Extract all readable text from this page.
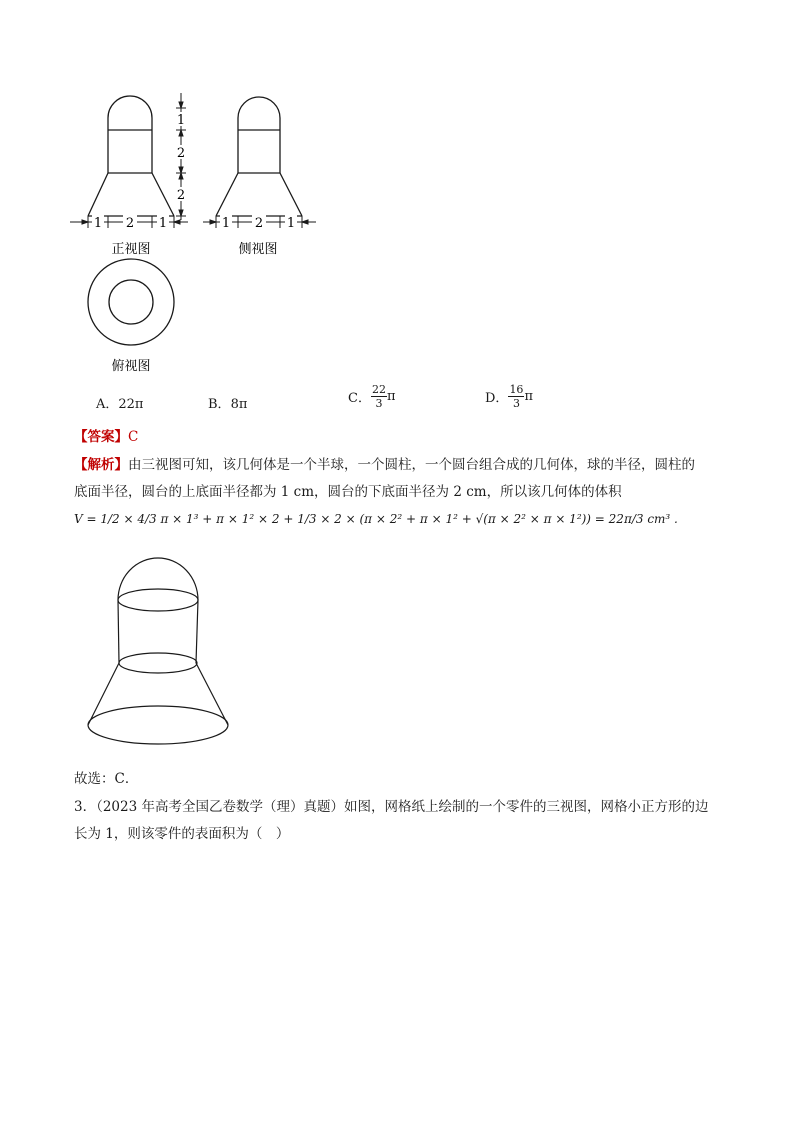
1 2 1
1
2
2
1 2 1
正视图	侧视图
俯视图
A．22π	B．8π	C． $\frac{22}{3}$ π	D． $\frac{16}{3}$ π
【答案】C
【解析】由三视图可知，该几何体是一个半球，一个圆柱，一个圆台组合成的几何体，球的半径，圆柱的
底面半径，圆台的上底面半径都为 1 cm，圆台的下底面半径为 2 cm，所以该几何体的体积
V = 1/2 × 4/3 π × 1³ + π × 1² × 2 + 1/3 × 2 × (π × 2² + π × 1² + √(π × 2² × π × 1²)) = 22π/3 cm³ .
故选：C．
3．（2023 年高考全国乙卷数学（理）真题）如图，网格纸上绘制的一个零件的三视图，网格小正方形的边
长为 1，则该零件的表面积为（　）
